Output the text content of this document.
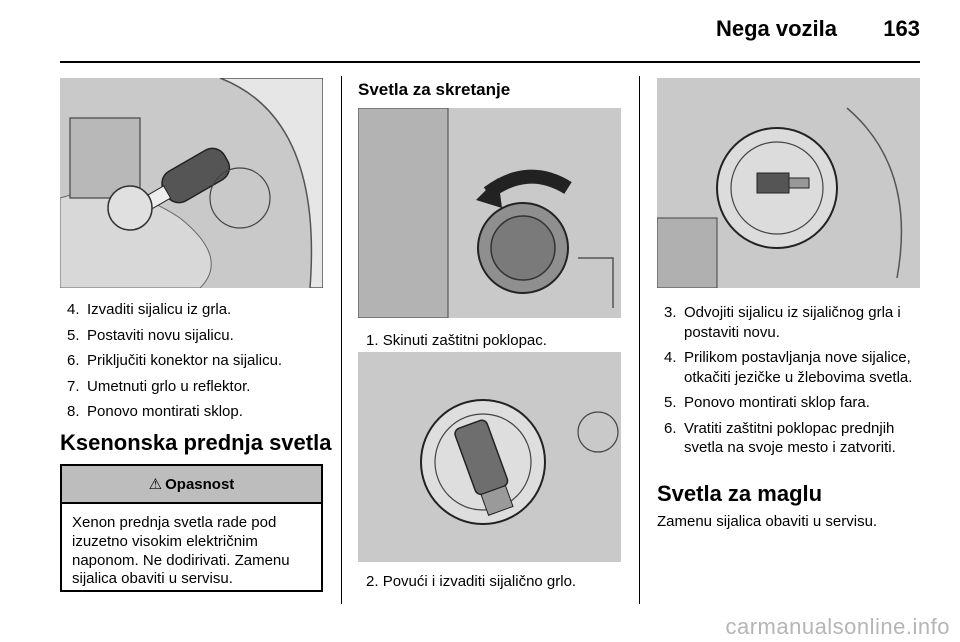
Nega vozila 163
4. Izvaditi sijalicu iz grla.
5. Postaviti novu sijalicu.
6. Priključiti konektor na sijalicu.
7. Umetnuti grlo u reflektor.
8. Ponovo montirati sklop.
Ksenonska prednja svetla
⚠ Opasnost
Xenon prednja svetla rade pod izuzetno visokim električnim naponom. Ne dodirivati. Zamenu sijalica obaviti u servisu.
Svetla za skretanje
1. Skinuti zaštitni poklopac.
2. Povući i izvaditi sijalično grlo.
3. Odvojiti sijalicu iz sijaličnog grla i postaviti novu.
4. Prilikom postavljanja nove sijalice, otkačiti jezičke u žlebovima svetla.
5. Ponovo montirati sklop fara.
6. Vratiti zaštitni poklopac prednjih svetla na svoje mesto i zatvoriti.
Svetla za maglu
Zamenu sijalica obaviti u servisu.
carmanualsonline.info
